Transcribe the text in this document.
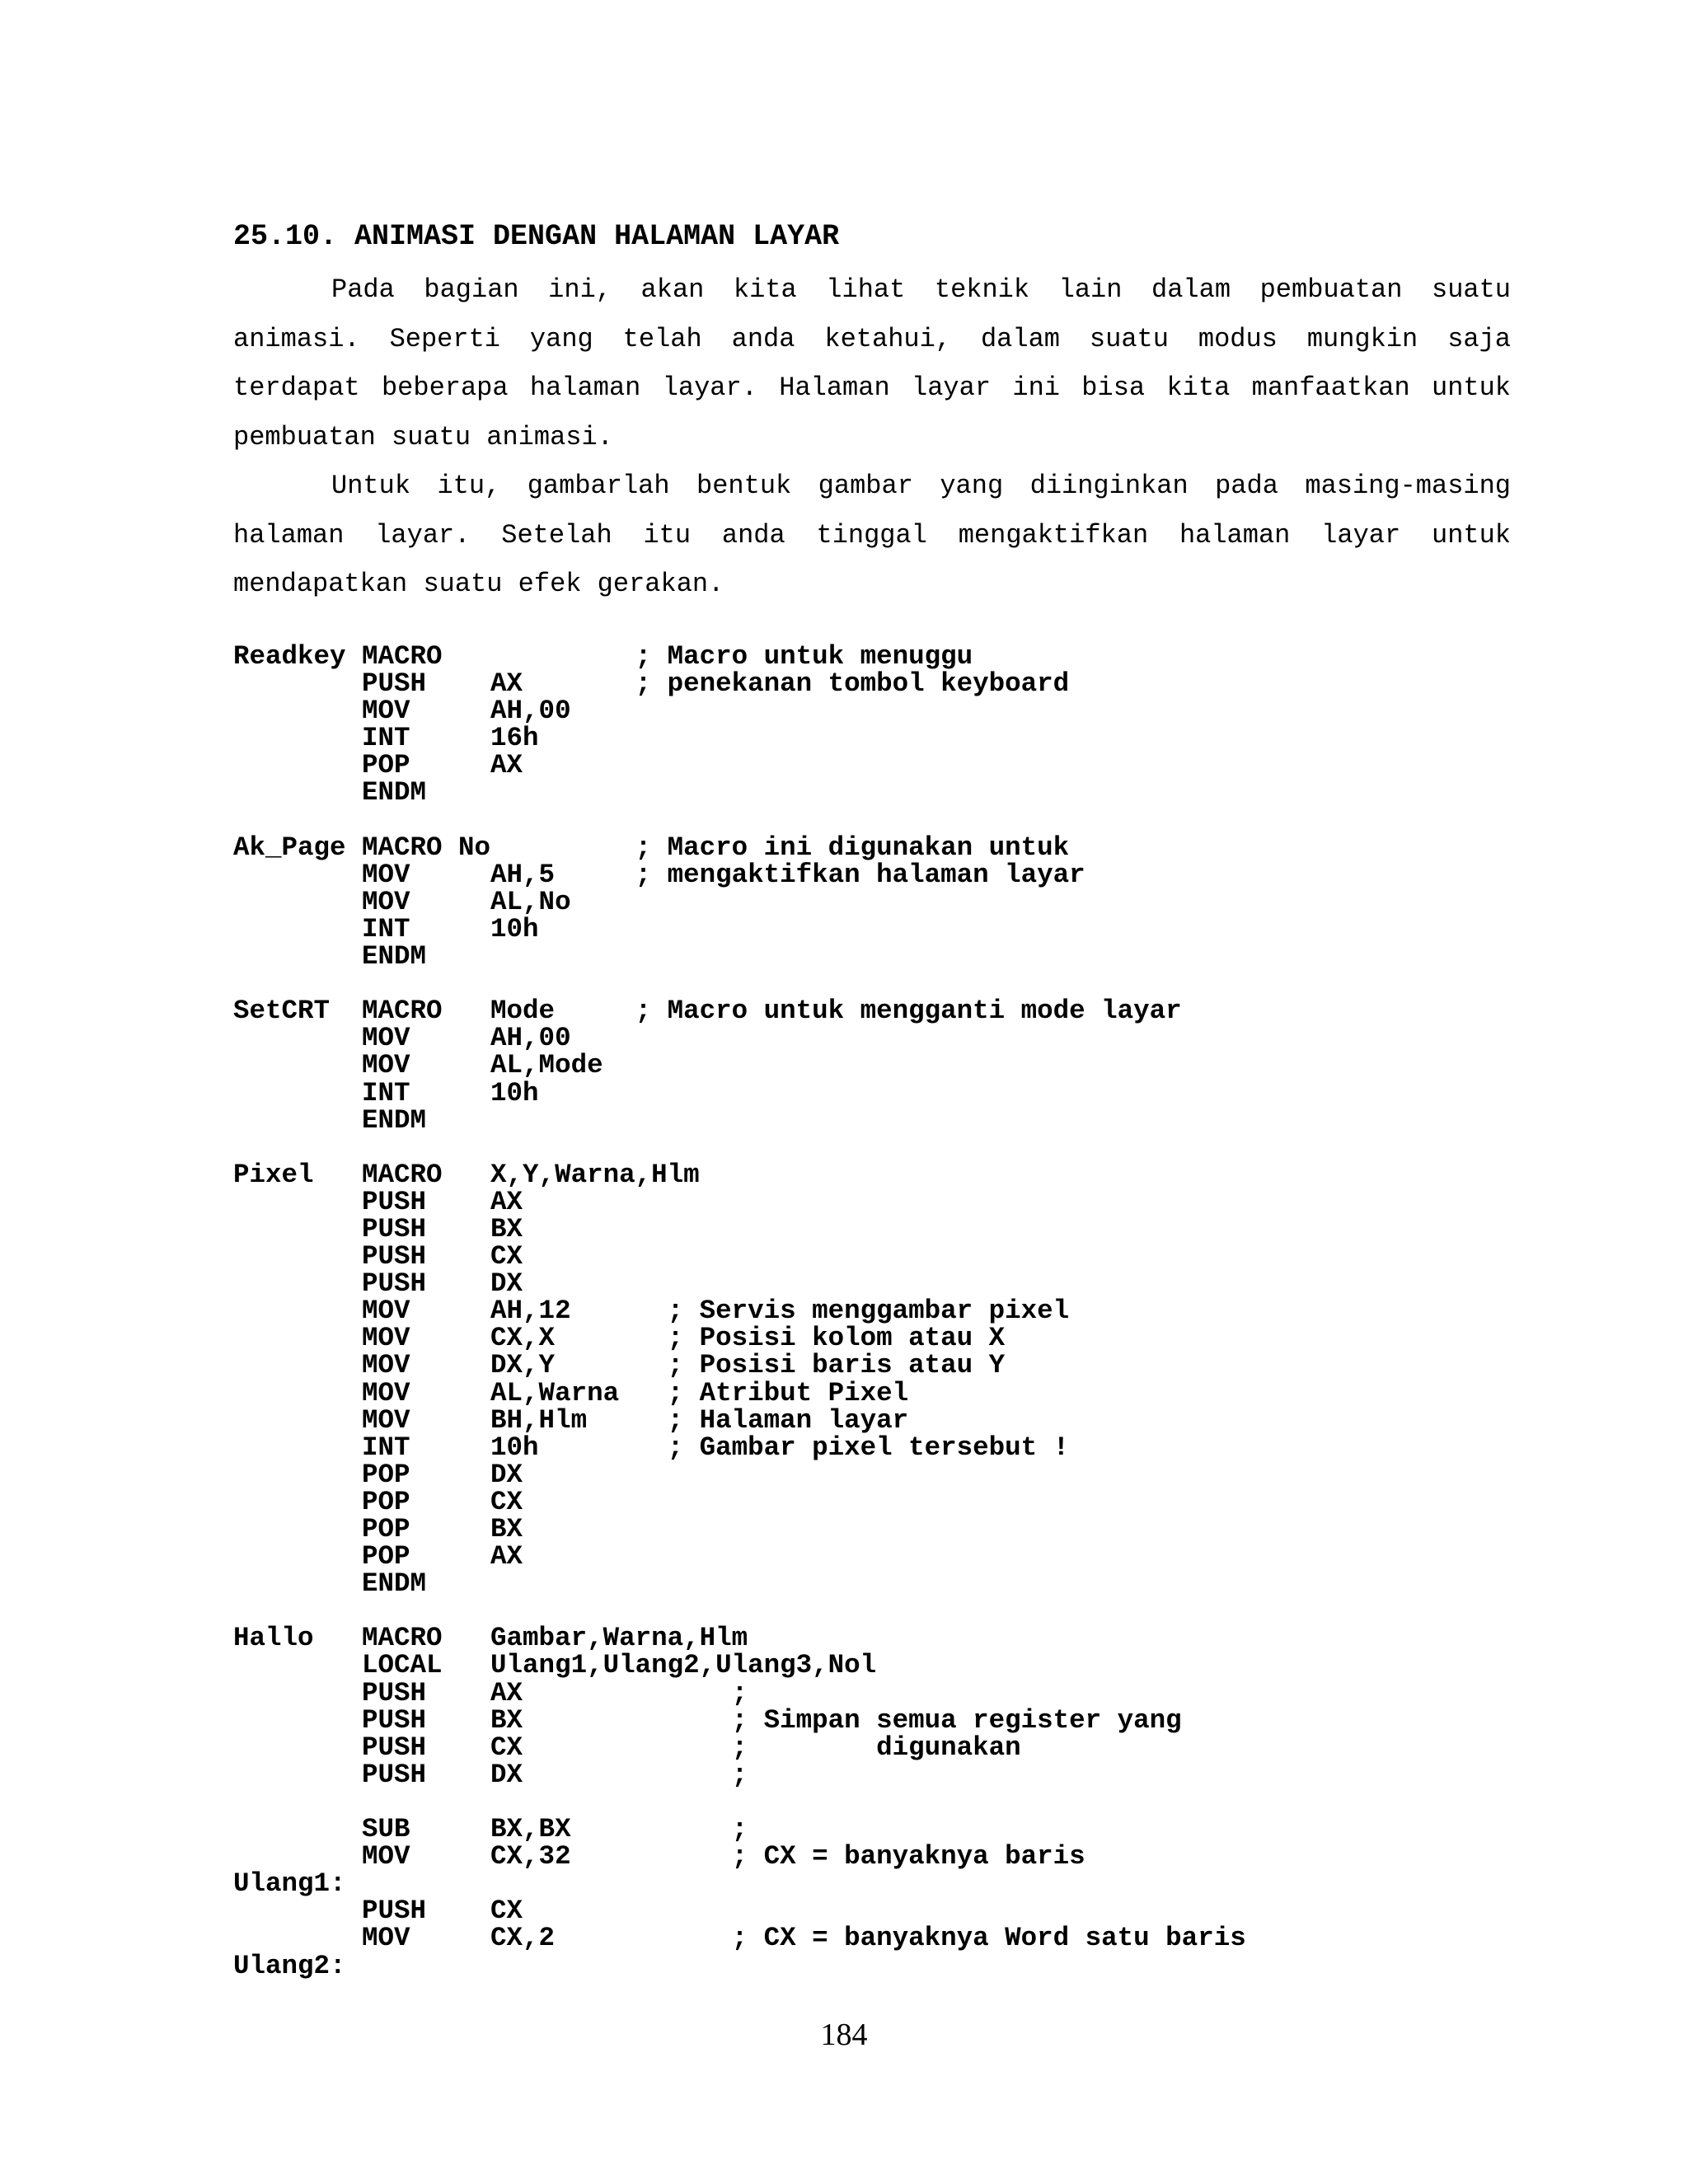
25.10. ANIMASI DENGAN HALAMAN LAYAR

Pada bagian ini, akan kita lihat teknik lain dalam pembuatan suatu animasi. Seperti yang telah anda ketahui, dalam suatu modus mungkin saja terdapat beberapa halaman layar. Halaman layar ini bisa kita manfaatkan untuk pembuatan suatu animasi.

Untuk itu, gambarlah bentuk gambar yang diinginkan pada masing-masing halaman layar. Setelah itu anda tinggal mengaktifkan halaman layar untuk mendapatkan suatu efek gerakan.

Readkey MACRO            ; Macro untuk menuggu
PUSH    AX       ; penekanan tombol keyboard
MOV     AH,00
INT     16h
POP     AX
ENDM

Ak_Page MACRO No         ; Macro ini digunakan untuk
MOV     AH,5     ; mengaktifkan halaman layar
MOV     AL,No
INT     10h
ENDM

SetCRT  MACRO   Mode     ; Macro untuk mengganti mode layar
MOV     AH,00
MOV     AL,Mode
INT     10h
ENDM

Pixel   MACRO   X,Y,Warna,Hlm
PUSH    AX
PUSH    BX
PUSH    CX
PUSH    DX
MOV     AH,12      ; Servis menggambar pixel
MOV     CX,X       ; Posisi kolom atau X
MOV     DX,Y       ; Posisi baris atau Y
MOV     AL,Warna   ; Atribut Pixel
MOV     BH,Hlm     ; Halaman layar
INT     10h        ; Gambar pixel tersebut !
POP     DX
POP     CX
POP     BX
POP     AX
ENDM

Hallo   MACRO   Gambar,Warna,Hlm
LOCAL   Ulang1,Ulang2,Ulang3,Nol
PUSH    AX             ;
PUSH    BX             ; Simpan semua register yang
PUSH    CX             ;        digunakan
PUSH    DX             ;

SUB     BX,BX          ;
MOV     CX,32          ; CX = banyaknya baris
Ulang1:
PUSH    CX
MOV     CX,2           ; CX = banyaknya Word satu baris
Ulang2:
184
